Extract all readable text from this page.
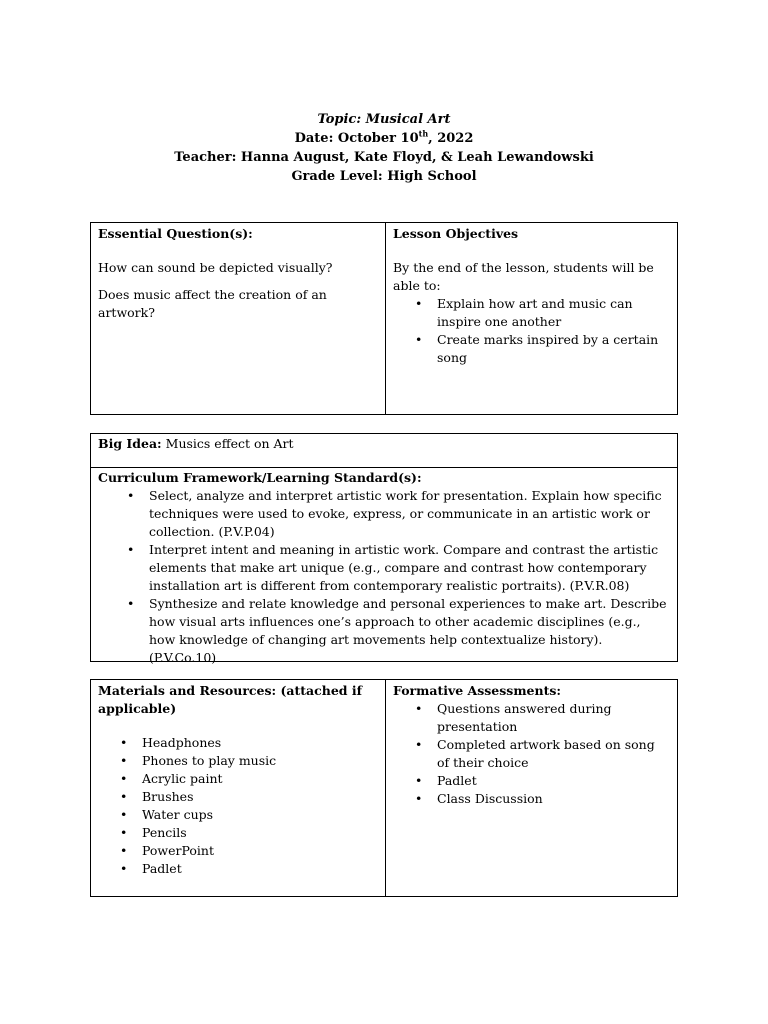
Topic: Musical Art
Date: October 10th, 2022
Teacher: Hanna August, Kate Floyd, & Leah Lewandowski
Grade Level: High School

Essential Question(s):

How can sound be depicted visually?

Does music affect the creation of an artwork?

Lesson Objectives

By the end of the lesson, students will be able to:

• Explain how art and music can inspire one another
• Create marks inspired by a certain song
Big Idea: Musics effect on Art

Curriculum Framework/Learning Standard(s):

• Select, analyze and interpret artistic work for presentation. Explain how specific techniques were used to evoke, express, or communicate in an artistic work or collection. (P.V.P.04)
• Interpret intent and meaning in artistic work. Compare and contrast the artistic elements that make art unique (e.g., compare and contrast how contemporary installation art is different from contemporary realistic portraits). (P.V.R.08)
• Synthesize and relate knowledge and personal experiences to make art. Describe how visual arts influences one’s approach to other academic disciplines (e.g., how knowledge of changing art movements help contextualize history). (P.V.Co.10)

Materials and Resources: (attached if applicable)

• Headphones
• Phones to play music
• Acrylic paint
• Brushes
• Water cups
• Pencils
• PowerPoint
• Padlet

Formative Assessments:

• Questions answered during presentation
• Completed artwork based on song of their choice
• Padlet
• Class Discussion
